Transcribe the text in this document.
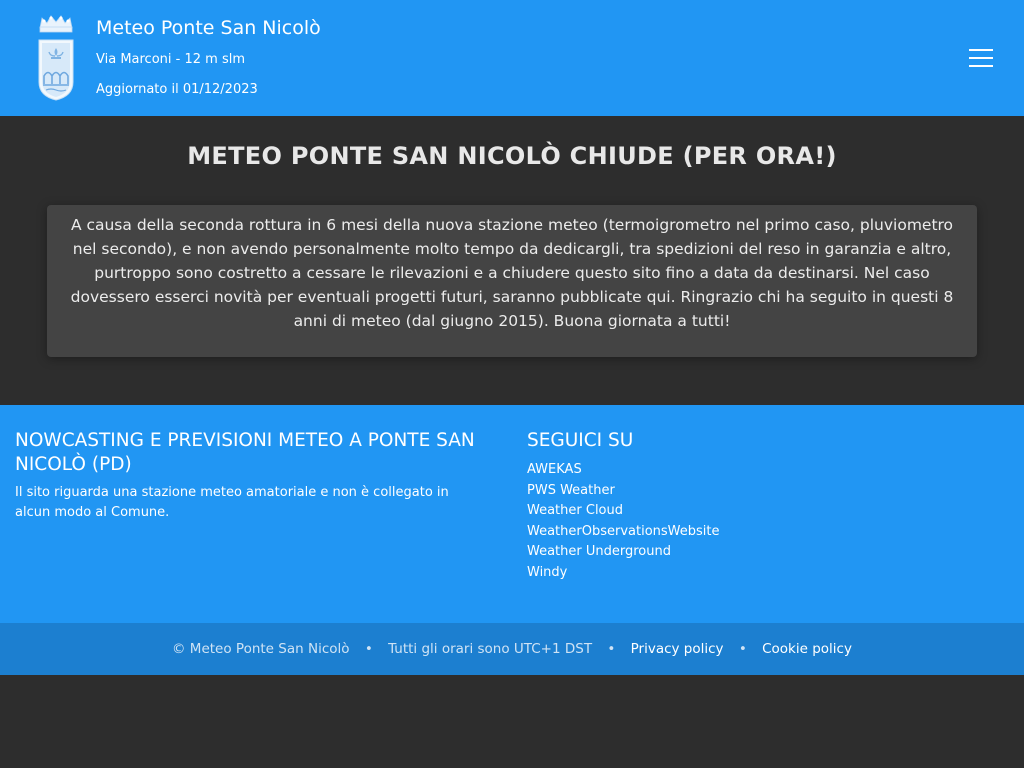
Meteo Ponte San Nicolò
Via Marconi - 12 m slm
Aggiornato il 01/12/2023
METEO PONTE SAN NICOLÒ CHIUDE (PER ORA!)
A causa della seconda rottura in 6 mesi della nuova stazione meteo (termoigrometro nel primo caso, pluviometro nel secondo), e non avendo personalmente molto tempo da dedicargli, tra spedizioni del reso in garanzia e altro, purtroppo sono costretto a cessare le rilevazioni e a chiudere questo sito fino a data da destinarsi. Nel caso dovessero esserci novità per eventuali progetti futuri, saranno pubblicate qui. Ringrazio chi ha seguito in questi 8 anni di meteo (dal giugno 2015). Buona giornata a tutti!
NOWCASTING E PREVISIONI METEO A PONTE SAN NICOLÒ (PD)
Il sito riguarda una stazione meteo amatoriale e non è collegato in alcun modo al Comune.
SEGUICI SU
AWEKAS
PWS Weather
Weather Cloud
WeatherObservationsWebsite
Weather Underground
Windy
© Meteo Ponte San Nicolò • Tutti gli orari sono UTC+1 DST • Privacy policy • Cookie policy
